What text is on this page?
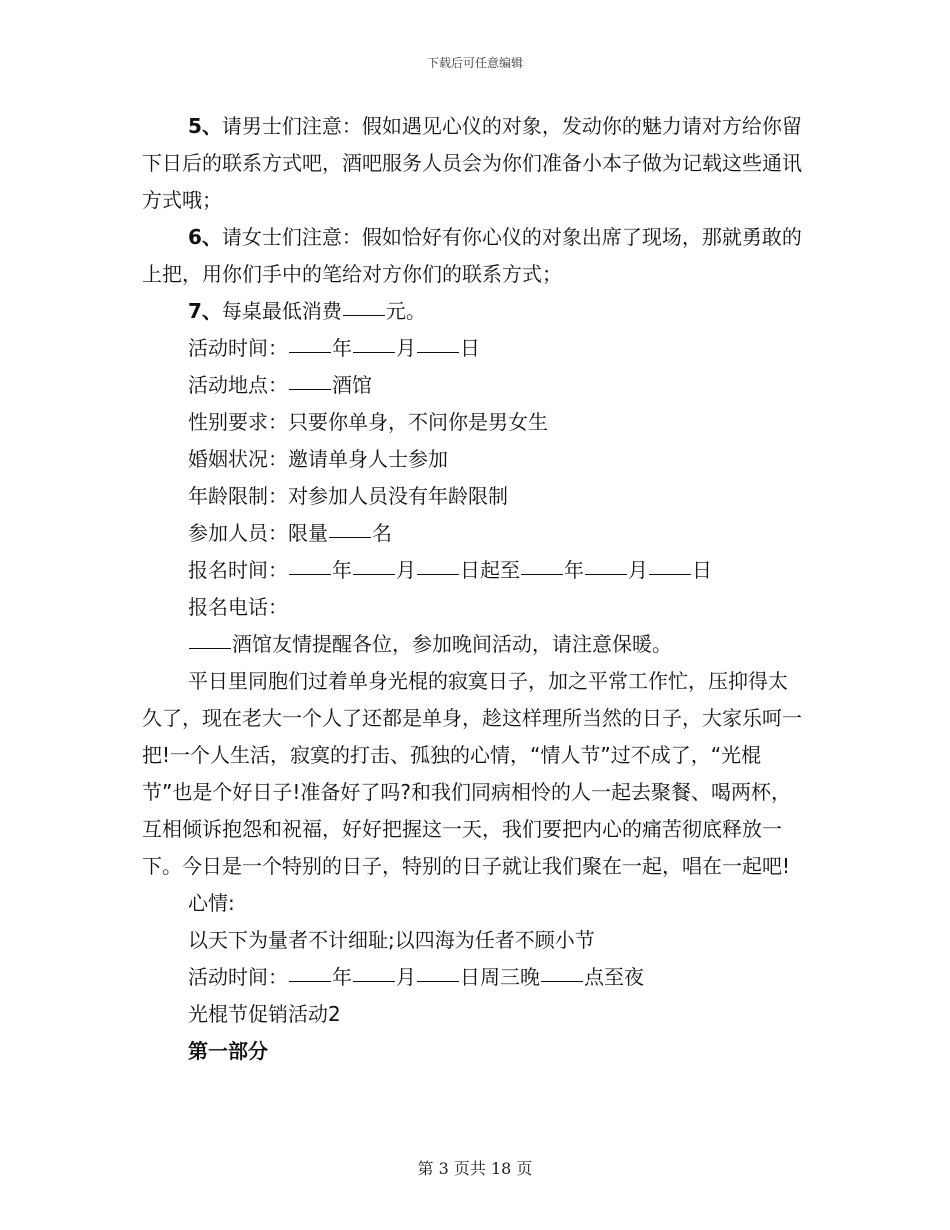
下载后可任意编辑

5、请男士们注意：假如遇见心仪的对象，发动你的魅力请对方给你留下日后的联系方式吧，酒吧服务人员会为你们准备小本子做为记载这些通讯方式哦；

6、请女士们注意：假如恰好有你心仪的对象出席了现场，那就勇敢的上把，用你们手中的笔给对方你们的联系方式；

7、每桌最低消费 元。

活动时间： 年 月 日

活动地点： 酒馆

性别要求：只要你单身，不问你是男女生

婚姻状况：邀请单身人士参加

年龄限制：对参加人员没有年龄限制

参加人员：限量 名

报名时间： 年 月 日起至 年 月 日

报名电话：

酒馆友情提醒各位，参加晚间活动，请注意保暖。

平日里同胞们过着单身光棍的寂寞日子，加之平常工作忙，压抑得太久了，现在老大一个人了还都是单身，趁这样理所当然的日子，大家乐呵一把!一个人生活，寂寞的打击、孤独的心情，“情人节”过不成了，“光棍节”也是个好日子!准备好了吗?和我们同病相怜的人一起去聚餐、喝两杯，互相倾诉抱怨和祝福，好好把握这一天，我们要把内心的痛苦彻底释放一下。今日是一个特别的日子，特别的日子就让我们聚在一起，唱在一起吧!

心情:

以天下为量者不计细耻;以四海为任者不顾小节

活动时间： 年 月 日周三晚 点至夜

光棍节促销活动2

第一部分

第 3 页共 18 页
